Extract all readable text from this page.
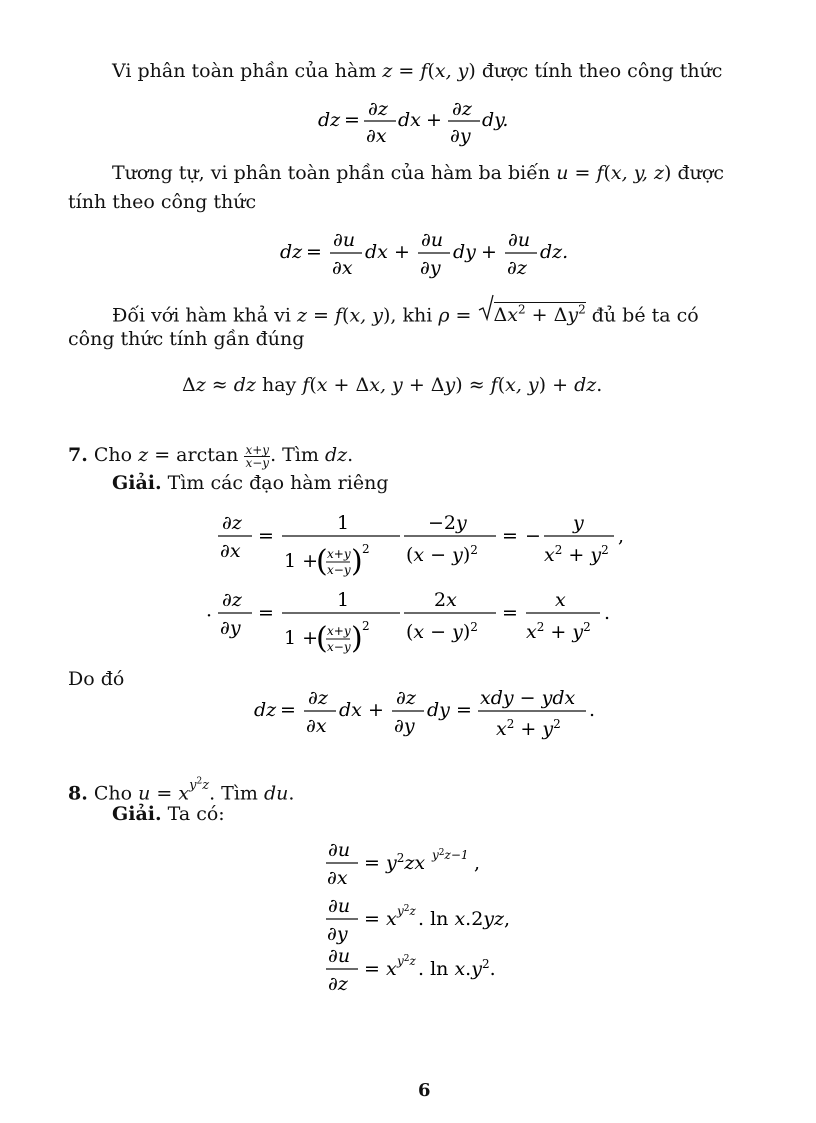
Vi phân toàn phần của hàm z = f(x, y) được tính theo công thức
dz = ∂z
∂x
dx + ∂z
∂y
dy.
Tương tự, vi phân toàn phần của hàm ba biến u = f(x, y, z) được
tính theo công thức
dz =
∂u
∂x
dx +
∂u
∂y
dy +
∂u
∂z
dz.
Đối với hàm khả vi z = f(x, y), khi ρ =
$\Delta x^2 + \Delta y^2$ đủ bé ta có
công thức tính gần đúng
Δz ≈ dz hay f(x + Δx, y + Δy) ≈ f(x, y) + dz.
7. Cho $z = \arctan \frac{x+y}{x-y}$ . Tìm dz.
Giải. Tìm các đạo hàm riêng
∂z
∂x
=
1
1 +
( x+y
x−y ) 2
−2y
$(x - y)^2$
= −
y
$x^2 + y^2$
,
·
∂z
∂y
=
1
1 +
( x+y
x−y ) 2
2x
$(x - y)^2$
=
x
$x^2 + y^2$
.
Do đó
dz =
∂z
∂x
dx +
∂z
∂y
dy =
xdy − ydx
$x^2 + y^2$
.
8. Cho $u = x^{y^2z}$. Tìm du.
Giải. Ta có:
∂u
∂x
= $y^2zx$ $y^2z-1$ ,
∂u
∂y
= x $y^2z$ . ln x.2yz,
∂u
∂z
= x $y^2z$ . $\ln x.y^2$.
6
